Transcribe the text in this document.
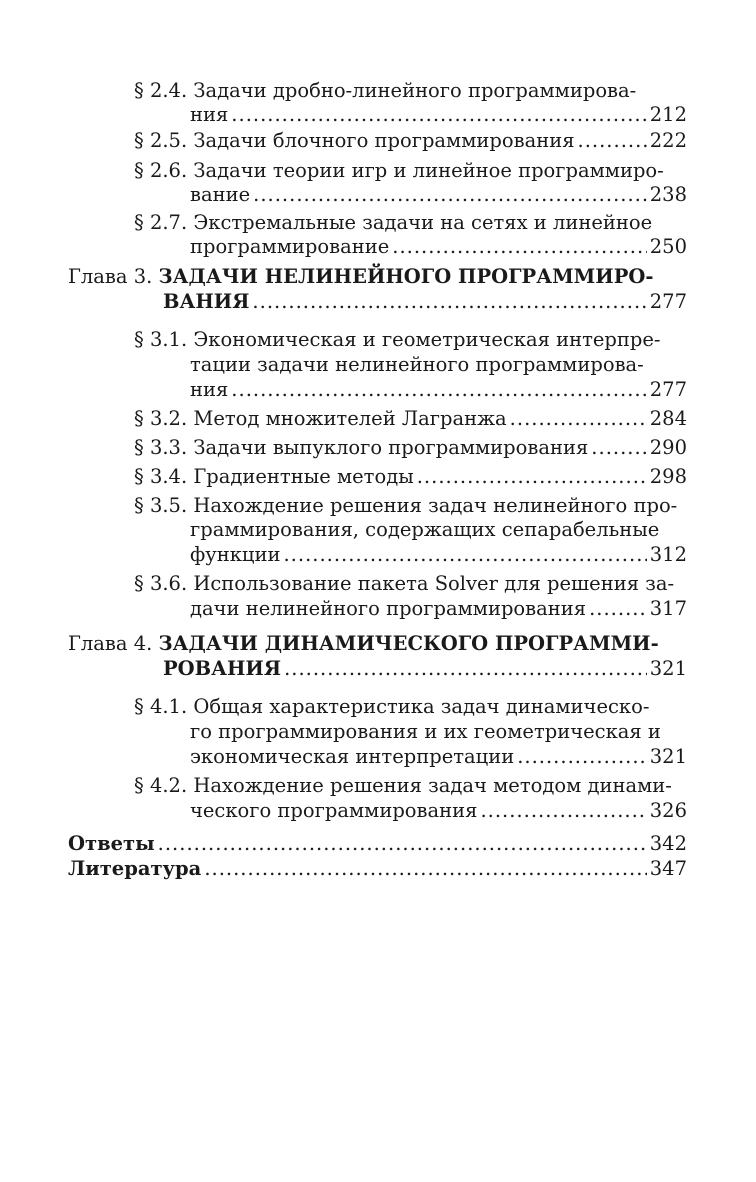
§ 2.4. Задачи дробно-линейного программирова-
ния .....	212
§ 2.5. Задачи блочного программирования .....	222
§ 2.6. Задачи теории игр и линейное программиро-
вание .....	238
§ 2.7. Экстремальные задачи на сетях и линейное
программирование .....	250
Глава 3. ЗАДАЧИ НЕЛИНЕЙНОГО ПРОГРАММИРО-
ВАНИЯ .....	277
§ 3.1. Экономическая и геометрическая интерпре-
тации задачи нелинейного программирова-
ния .....	277
§ 3.2. Метод множителей Лагранжа .....	284
§ 3.3. Задачи выпуклого программирования .....	290
§ 3.4. Градиентные методы .....	298
§ 3.5. Нахождение решения задач нелинейного про-
граммирования, содержащих сепарабельные
функции .....	312
§ 3.6. Использование пакета Solver для решения за-
дачи нелинейного программирования .....	317
Глава 4. ЗАДАЧИ ДИНАМИЧЕСКОГО ПРОГРАММИ-
РОВАНИЯ .....	321
§ 4.1. Общая характеристика задач динамическо-
го программирования и их геометрическая и
экономическая интерпретации .....	321
§ 4.2. Нахождение решения задач методом динами-
ческого программирования .....	326
Ответы .....	342
Литература .....	347
